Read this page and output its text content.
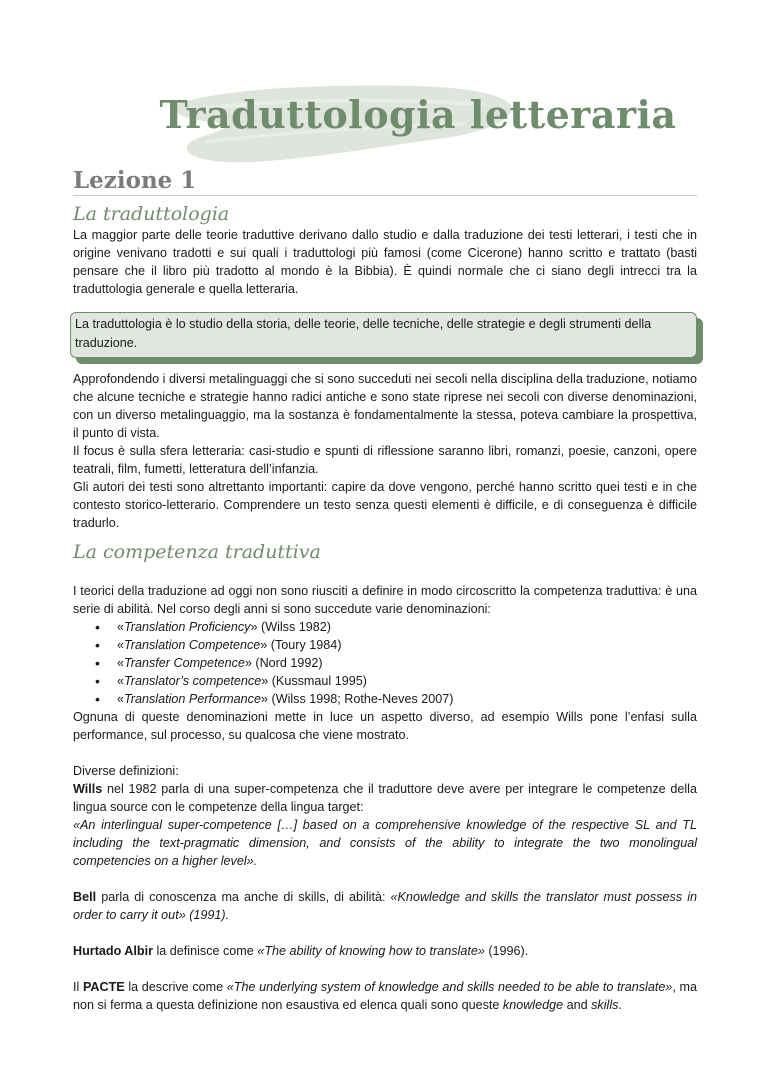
Traduttologia letteraria
Lezione 1
La traduttologia

La maggior parte delle teorie traduttive derivano dallo studio e dalla traduzione dei testi letterari, i testi che in origine venivano tradotti e sui quali i traduttologi più famosi (come Cicerone) hanno scritto e trattato (basti pensare che il libro più tradotto al mondo è la Bibbia). È quindi normale che ci siano degli intrecci tra la traduttologia generale e quella letteraria.

La traduttologia è lo studio della storia, delle teorie, delle tecniche, delle strategie e degli strumenti della traduzione.

Approfondendo i diversi metalinguaggi che si sono succeduti nei secoli nella disciplina della traduzione, notiamo che alcune tecniche e strategie hanno radici antiche e sono state riprese nei secoli con diverse denominazioni, con un diverso metalinguaggio, ma la sostanza è fondamentalmente la stessa, poteva cambiare la prospettiva, il punto di vista.

Il focus è sulla sfera letteraria: casi-studio e spunti di riflessione saranno libri, romanzi, poesie, canzoni, opere teatrali, film, fumetti, letteratura dell’infanzia.

Gli autori dei testi sono altrettanto importanti: capire da dove vengono, perché hanno scritto quei testi e in che contesto storico-letterario. Comprendere un testo senza questi elementi è difficile, e di conseguenza è difficile tradurlo.

La competenza traduttiva

I teorici della traduzione ad oggi non sono riusciti a definire in modo circoscritto la competenza traduttiva: è una serie di abilità. Nel corso degli anni si sono succedute varie denominazioni:

• «Translation Proficiency» (Wilss 1982)
• «Translation Competence» (Toury 1984)
• «Transfer Competence» (Nord 1992)
• «Translator’s competence» (Kussmaul 1995)
• «Translation Performance» (Wilss 1998; Rothe-Neves 2007)

Ognuna di queste denominazioni mette in luce un aspetto diverso, ad esempio Wills pone l’enfasi sulla performance, sul processo, su qualcosa che viene mostrato.

Diverse definizioni:

Wills nel 1982 parla di una super-competenza che il traduttore deve avere per integrare le competenze della lingua source con le competenze della lingua target:

«An interlingual super-competence […] based on a comprehensive knowledge of the respective SL and TL including the text-pragmatic dimension, and consists of the ability to integrate the two monolingual competencies on a higher level».

Bell parla di conoscenza ma anche di skills, di abilità: «Knowledge and skills the translator must possess in order to carry it out» (1991).

Hurtado Albir la definisce come «The ability of knowing how to translate» (1996).

Il PACTE la descrive come «The underlying system of knowledge and skills needed to be able to translate», ma non si ferma a questa definizione non esaustiva ed elenca quali sono queste knowledge and skills.
